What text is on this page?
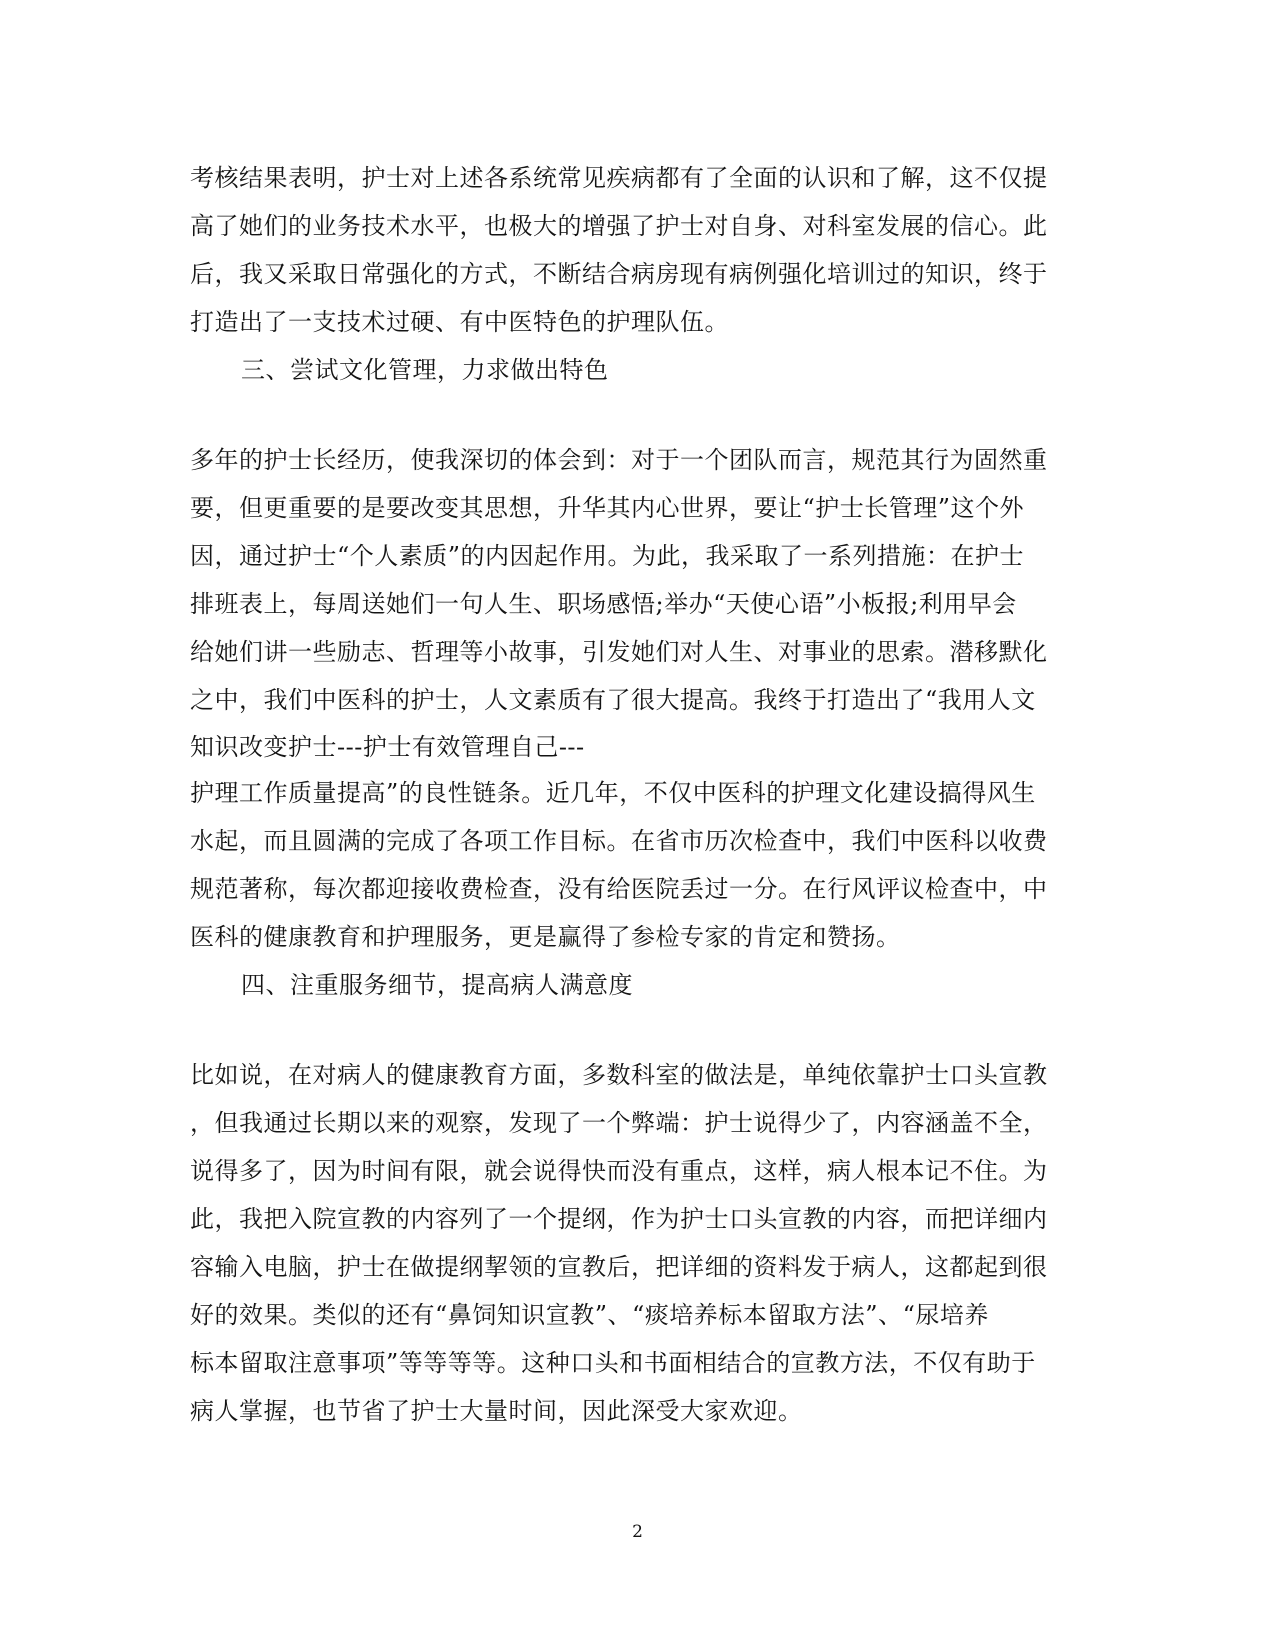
考核结果表明，护士对上述各系统常见疾病都有了全面的认识和了解，这不仅提
高了她们的业务技术水平，也极大的增强了护士对自身、对科室发展的信心。此
后，我又采取日常强化的方式，不断结合病房现有病例强化培训过的知识，终于
打造出了一支技术过硬、有中医特色的护理队伍。
三、尝试文化管理，力求做出特色
多年的护士长经历，使我深切的体会到：对于一个团队而言，规范其行为固然重
要，但更重要的是要改变其思想，升华其内心世界，要让“护士长管理”这个外
因，通过护士“个人素质”的内因起作用。为此，我采取了一系列措施：在护士
排班表上，每周送她们一句人生、职场感悟;举办“天使心语”小板报;利用早会
给她们讲一些励志、哲理等小故事，引发她们对人生、对事业的思索。潜移默化
之中，我们中医科的护士，人文素质有了很大提高。我终于打造出了“我用人文
知识改变护士---护士有效管理自己---
护理工作质量提高”的良性链条。近几年，不仅中医科的护理文化建设搞得风生
水起，而且圆满的完成了各项工作目标。在省市历次检查中，我们中医科以收费
规范著称，每次都迎接收费检查，没有给医院丢过一分。在行风评议检查中，中
医科的健康教育和护理服务，更是赢得了参检专家的肯定和赞扬。
四、注重服务细节，提高病人满意度
比如说，在对病人的健康教育方面，多数科室的做法是，单纯依靠护士口头宣教
，但我通过长期以来的观察，发现了一个弊端：护士说得少了，内容涵盖不全，
说得多了，因为时间有限，就会说得快而没有重点，这样，病人根本记不住。为
此，我把入院宣教的内容列了一个提纲，作为护士口头宣教的内容，而把详细内
容输入电脑，护士在做提纲挈领的宣教后，把详细的资料发于病人，这都起到很
好的效果。类似的还有“鼻饲知识宣教”、“痰培养标本留取方法”、“尿培养
标本留取注意事项”等等等等。这种口头和书面相结合的宣教方法，不仅有助于
病人掌握，也节省了护士大量时间，因此深受大家欢迎。
2
